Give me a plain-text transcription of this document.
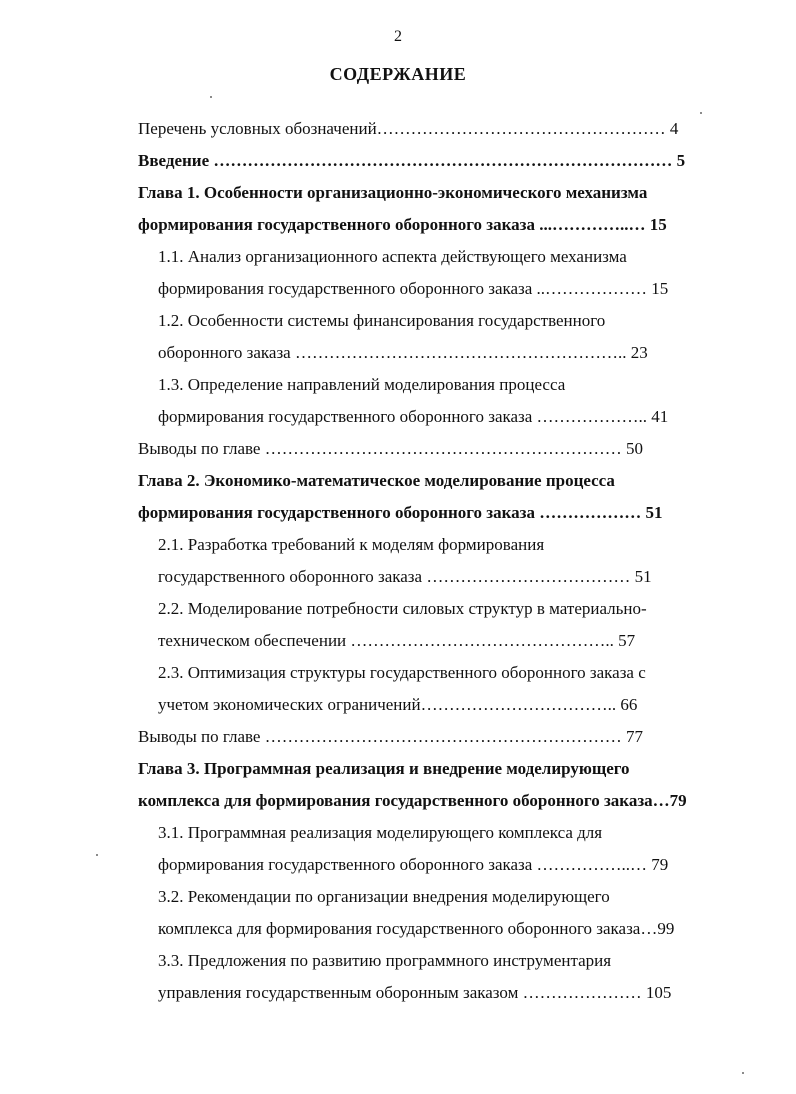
2
СОДЕРЖАНИЕ
Перечень условных обозначений…………………………………………… 4
Введение ……………………………………………………………………… 5
Глава 1. Особенности организационно-экономического механизма
формирования государственного оборонного заказа ...…………..… 15
1.1. Анализ организационного аспекта действующего механизма
формирования государственного оборонного заказа ..……………… 15
1.2. Особенности системы финансирования государственного
оборонного заказа ………………………………………………….. 23
1.3. Определение направлений моделирования процесса
формирования государственного оборонного заказа ……………….. 41
Выводы по главе ……………………………………………………… 50
Глава 2. Экономико-математическое моделирование процесса
формирования государственного оборонного заказа ……………… 51
2.1. Разработка требований к моделям формирования
государственного оборонного заказа ……………………………… 51
2.2. Моделирование потребности силовых структур в материально-
техническом обеспечении ……………………………………….. 57
2.3. Оптимизация структуры государственного оборонного заказа с
учетом экономических ограничений…………………………….. 66
Выводы по главе ……………………………………………………… 77
Глава 3. Программная реализация и внедрение моделирующего
комплекса для формирования государственного оборонного заказа…79
3.1. Программная реализация моделирующего комплекса для
формирования государственного оборонного заказа ……………..… 79
3.2. Рекомендации по организации внедрения моделирующего
комплекса для формирования государственного оборонного заказа…99
3.3. Предложения по развитию программного инструментария
управления государственным оборонным заказом ………………… 105
